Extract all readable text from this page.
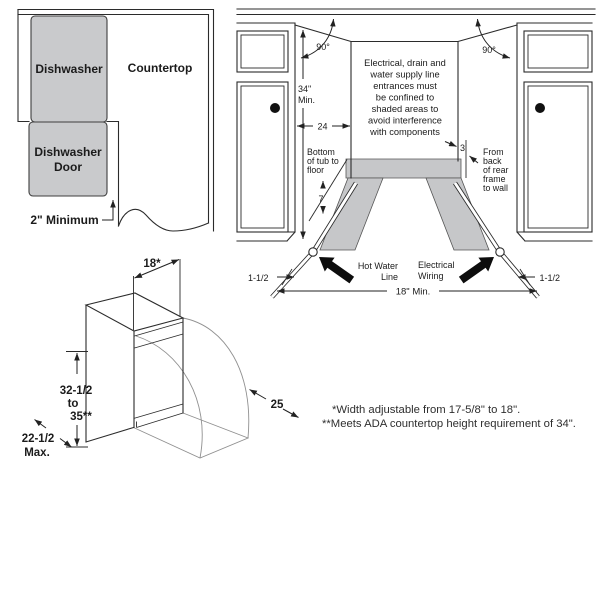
Dishwasher Countertop
Dishwasher
Door
2" Minimum
90°	90°
34"
Min.
24
Electrical, drain and
water supply line
entrances must
be confined to
shaded areas to
avoid interference
with components
Bottom
of tub to
floor
7
3 From
back
of rear
frame
to wall
Hot Water
Line
Electrical
Wiring
1-1/2	1-1/2
18" Min.
18*
32-1/2
to
35**
22-1/2
Max.
25	*Width adjustable from 17-5/8" to 18".
**Meets ADA countertop height requirement of 34".
